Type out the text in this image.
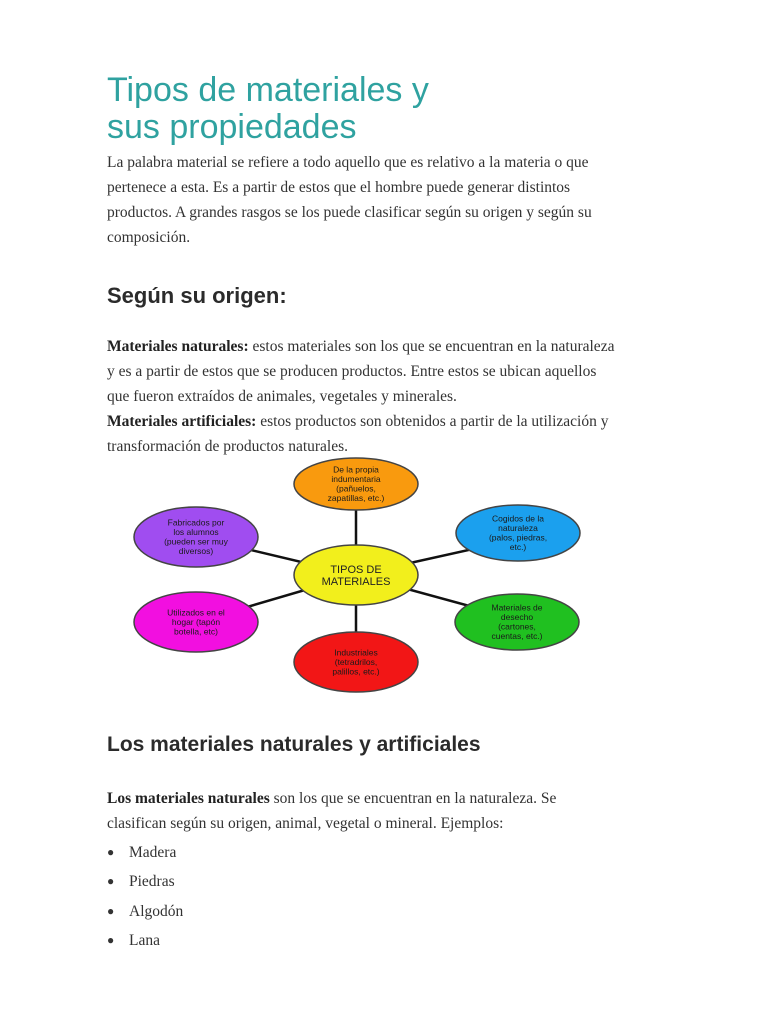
Tipos de materiales y
sus propiedades

La palabra material se refiere a todo aquello que es relativo a la materia o que
pertenece a esta. Es a partir de estos que el hombre puede generar distintos
productos. A grandes rasgos se los puede clasificar según su origen y según su
composición.

Según su origen:

Materiales naturales: estos materiales son los que se encuentran en la naturaleza
y es a partir de estos que se producen productos. Entre estos se ubican aquellos
que fueron extraídos de animales, vegetales y minerales.
Materiales artificiales: estos productos son obtenidos a partir de la utilización y
transformación de productos naturales.

De la propia
indumentaria
(pañuelos,
zapatillas, etc.)
Cogidos de la
naturaleza
(palos, piedras,
etc.)
Materiales de
desecho
(cartones,
cuentas, etc.)
Industriales
(tetradrilos,
palillos, etc.)
Utilizados en el
hogar (tapón
botella, etc)
Fabricados por
los alumnos
(pueden ser muy
diversos)
TIPOS DE
MATERIALES
Los materiales naturales y artificiales

Los materiales naturales son los que se encuentran en la naturaleza. Se
clasifican según su origen, animal, vegetal o mineral. Ejemplos:

● Madera
● Piedras
● Algodón
● Lana
